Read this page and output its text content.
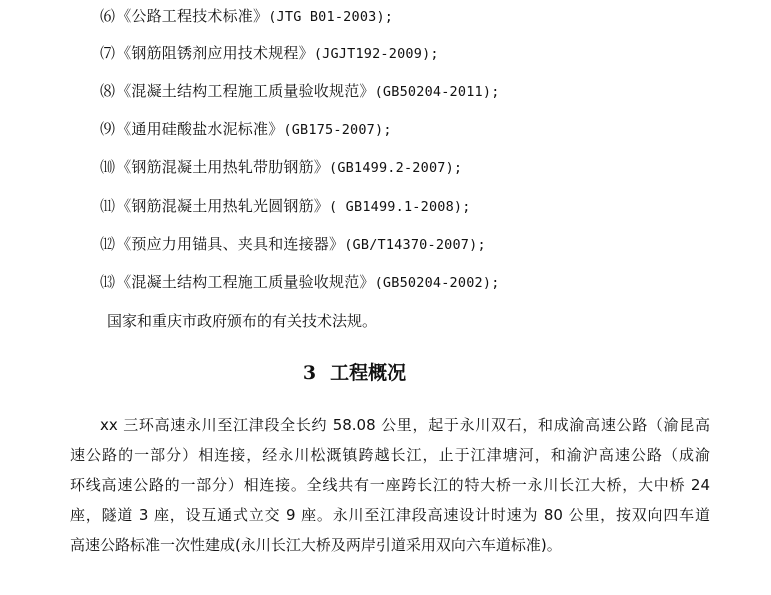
⑹《公路工程技术标准》(JTG B01-2003);
⑺《钢筋阻锈剂应用技术规程》(JGJT192-2009);
⑻《混凝土结构工程施工质量验收规范》(GB50204-2011);
⑼《通用硅酸盐水泥标准》(GB175-2007);
⑽《钢筋混凝土用热轧带肋钢筋》(GB1499.2-2007);
⑾《钢筋混凝土用热轧光圆钢筋》( GB1499.1-2008);
⑿《预应力用锚具、夹具和连接器》(GB/T14370-2007);
⒀《混凝土结构工程施工质量验收规范》(GB50204-2002);
国家和重庆市政府颁布的有关技术法规。
3 工程概况
xx 三环高速永川至江津段全长约 58.08 公里，起于永川双石，和成渝高速公路（渝昆高
速公路的一部分）相连接，经永川松溉镇跨越长江，止于江津塘河，和渝沪高速公路（成渝
环线高速公路的一部分）相连接。全线共有一座跨长江的特大桥一永川长江大桥，大中桥 24
座，隧道 3 座，设互通式立交 9 座。永川至江津段高速设计时速为 80 公里，按双向四车道
高速公路标准一次性建成(永川长江大桥及两岸引道采用双向六车道标准)。
